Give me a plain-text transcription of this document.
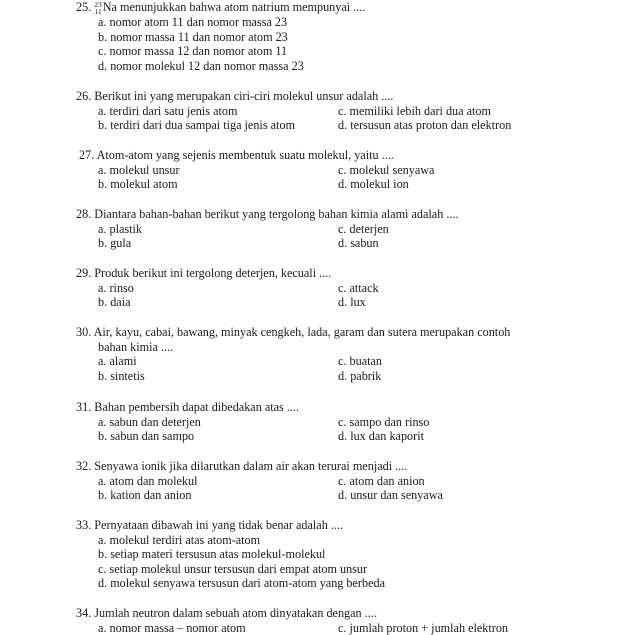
25. 23
11 Na menunjukkan bahwa atom natrium mempunyai ....
a. nomor atom 11 dan nomor massa 23
b. nomor massa 11 dan nomor atom 23
c. nomor massa 12 dan nomor atom 11
d. nomor molekul 12 dan nomor massa 23
26. Berikut ini yang merupakan ciri-ciri molekul unsur adalah ....
a. terdiri dari satu jenis atom	c. memiliki lebih dari dua atom
b. terdiri dari dua sampai tiga jenis atom	d. tersusun atas proton dan elektron
27. Atom-atom yang sejenis membentuk suatu molekul, yaitu ....
a. molekul unsur	c. molekul senyawa
b. molekul atom	d. molekul ion
28. Diantara bahan-bahan berikut yang tergolong bahan kimia alami adalah ....
a. plastik	c. deterjen
b. gula	d. sabun
29. Produk berikut ini tergolong deterjen, kecuali ....
a. rinso	c. attack
b. daia	d. lux
30. Air, kayu, cabai, bawang, minyak cengkeh, lada, garam dan sutera merupakan contoh
bahan kimia ....
a. alami	c. buatan
b. sintetis	d. pabrik
31. Bahan pembersih dapat dibedakan atas ....
a. sabun dan deterjen	c. sampo dan rinso
b. sabun dan sampo	d. lux dan kaporit
32. Senyawa ionik jika dilarutkan dalam air akan terurai menjadi ....
a. atom dan molekul	c. atom dan anion
b. kation dan anion	d. unsur dan senyawa
33. Pernyataan dibawah ini yang tidak benar adalah ....
a. molekul terdiri atas atom-atom
b. setiap materi tersusun atas molekul-molekul
c. setiap molekul unsur tersusun dari empat atom unsur
d. molekul senyawa tersusun dari atom-atom yang berbeda
34. Jumlah neutron dalam sebuah atom dinyatakan dengan ....
a. nomor massa – nomor atom	c. jumlah proton + jumlah elektron
